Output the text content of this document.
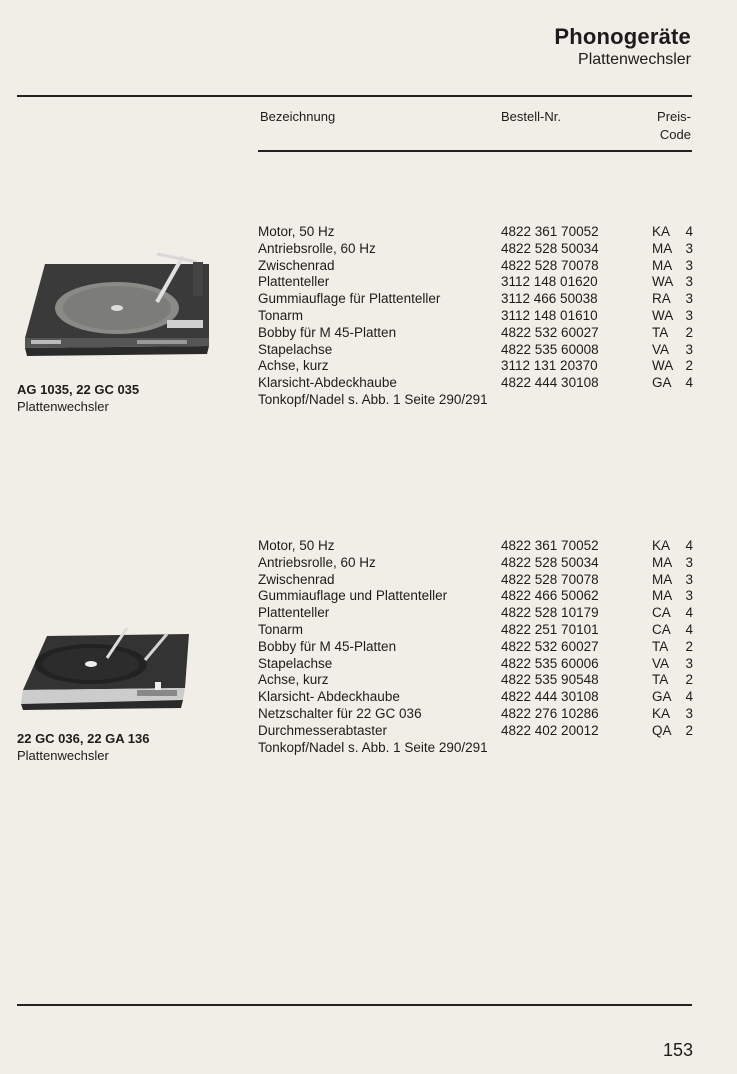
Phonogeräte
Plattenwechsler
Bezeichnung	Bestell-Nr.	Preis-
Code
AG 1035, 22 GC 035
Plattenwechsler
Motor, 50 Hz	4822 361 70052	KA	4
Antriebsrolle, 60 Hz	4822 528 50034	MA 3
Zwischenrad	4822 528 70078	MA 3
Plattenteller	3112 148 01620	WA 3
Gummiauflage für Plattenteller	3112 466 50038	RA	3
Tonarm	3112 148 01610	WA 3
Bobby für M 45-Platten	4822 532 60027	TA	2
Stapelachse	4822 535 60008	VA	3
Achse, kurz	3112 131 20370	WA 2
Klarsicht-Abdeckhaube	4822 444 30108	GA	4
Tonkopf/Nadel s. Abb. 1 Seite 290/291
22 GC 036, 22 GA 136
Plattenwechsler
Motor, 50 Hz	4822 361 70052	KA	4
Antriebsrolle, 60 Hz	4822 528 50034	MA 3
Zwischenrad	4822 528 70078	MA 3
Gummiauflage und Plattenteller	4822 466 50062	MA 3
Plattenteller	4822 528 10179	CA	4
Tonarm	4822 251 70101	CA	4
Bobby für M 45-Platten	4822 532 60027	TA	2
Stapelachse	4822 535 60006	VA	3
Achse, kurz	4822 535 90548	TA	2
Klarsicht- Abdeckhaube	4822 444 30108	GA	4
Netzschalter für 22 GC 036	4822 276 10286	KA	3
Durchmesserabtaster	4822 402 20012	QA	2
Tonkopf/Nadel s. Abb. 1 Seite 290/291
153
